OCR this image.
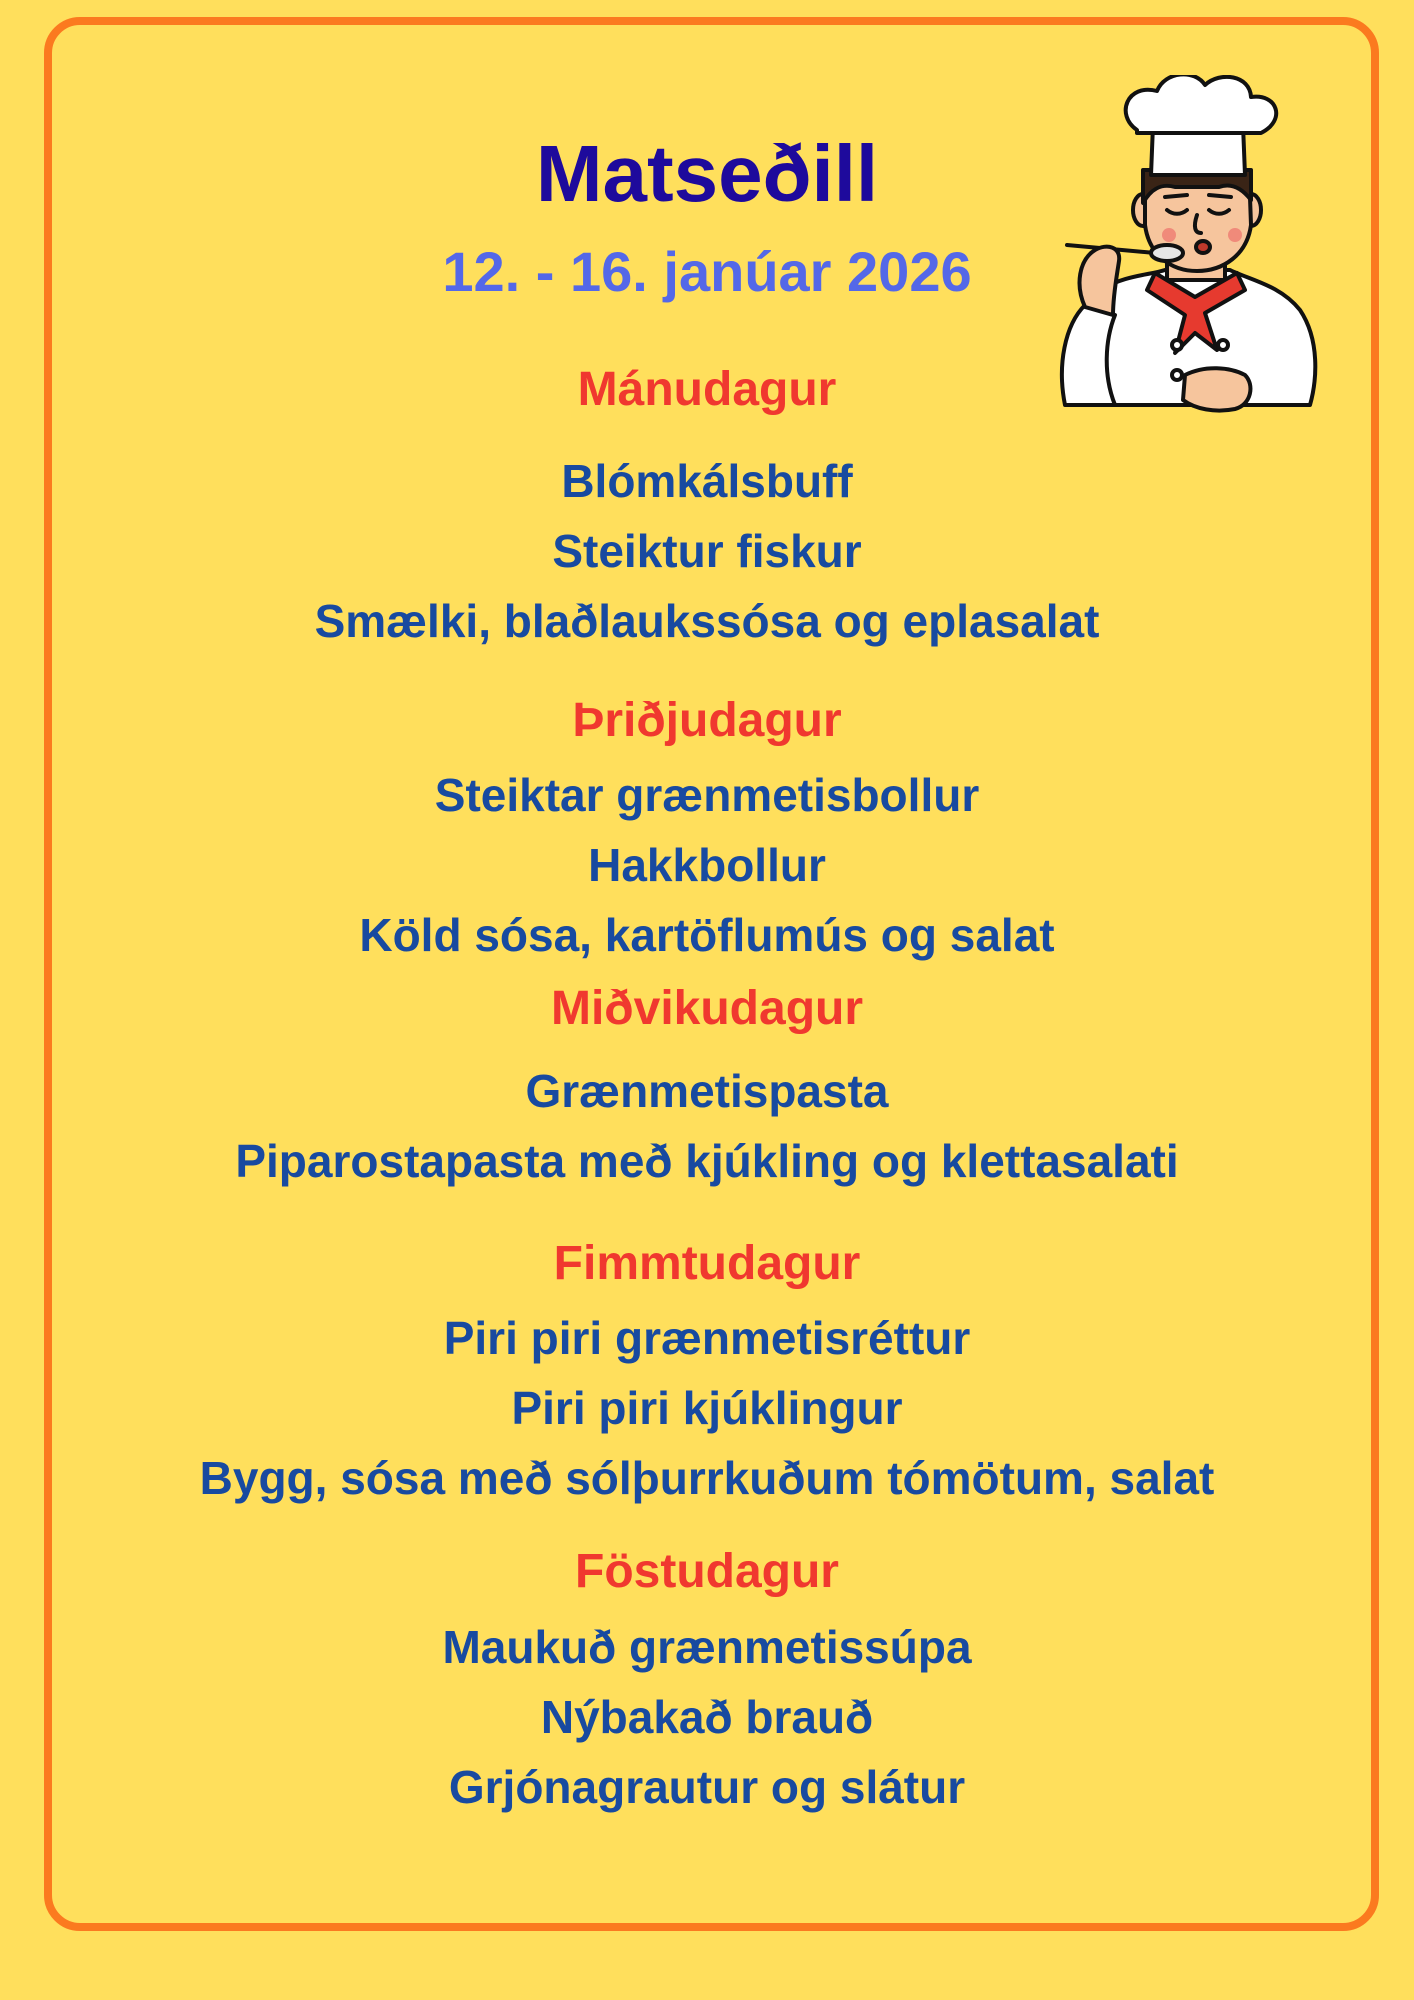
Matseðill
12. - 16. janúar 2026
Mánudagur
Blómkálsbuff
Steiktur fiskur
Smælki, blaðlaukssósa og eplasalat
Þriðjudagur
Steiktar grænmetisbollur
Hakkbollur
Köld sósa, kartöflumús og salat
Miðvikudagur
Grænmetispasta
Piparostapasta með kjúkling og klettasalati
Fimmtudagur
Piri piri grænmetisréttur
Piri piri kjúklingur
Bygg, sósa með sólþurrkuðum tómötum, salat
Föstudagur
Maukuð grænmetissúpa
Nýbakað brauð
Grjónagrautur og slátur
